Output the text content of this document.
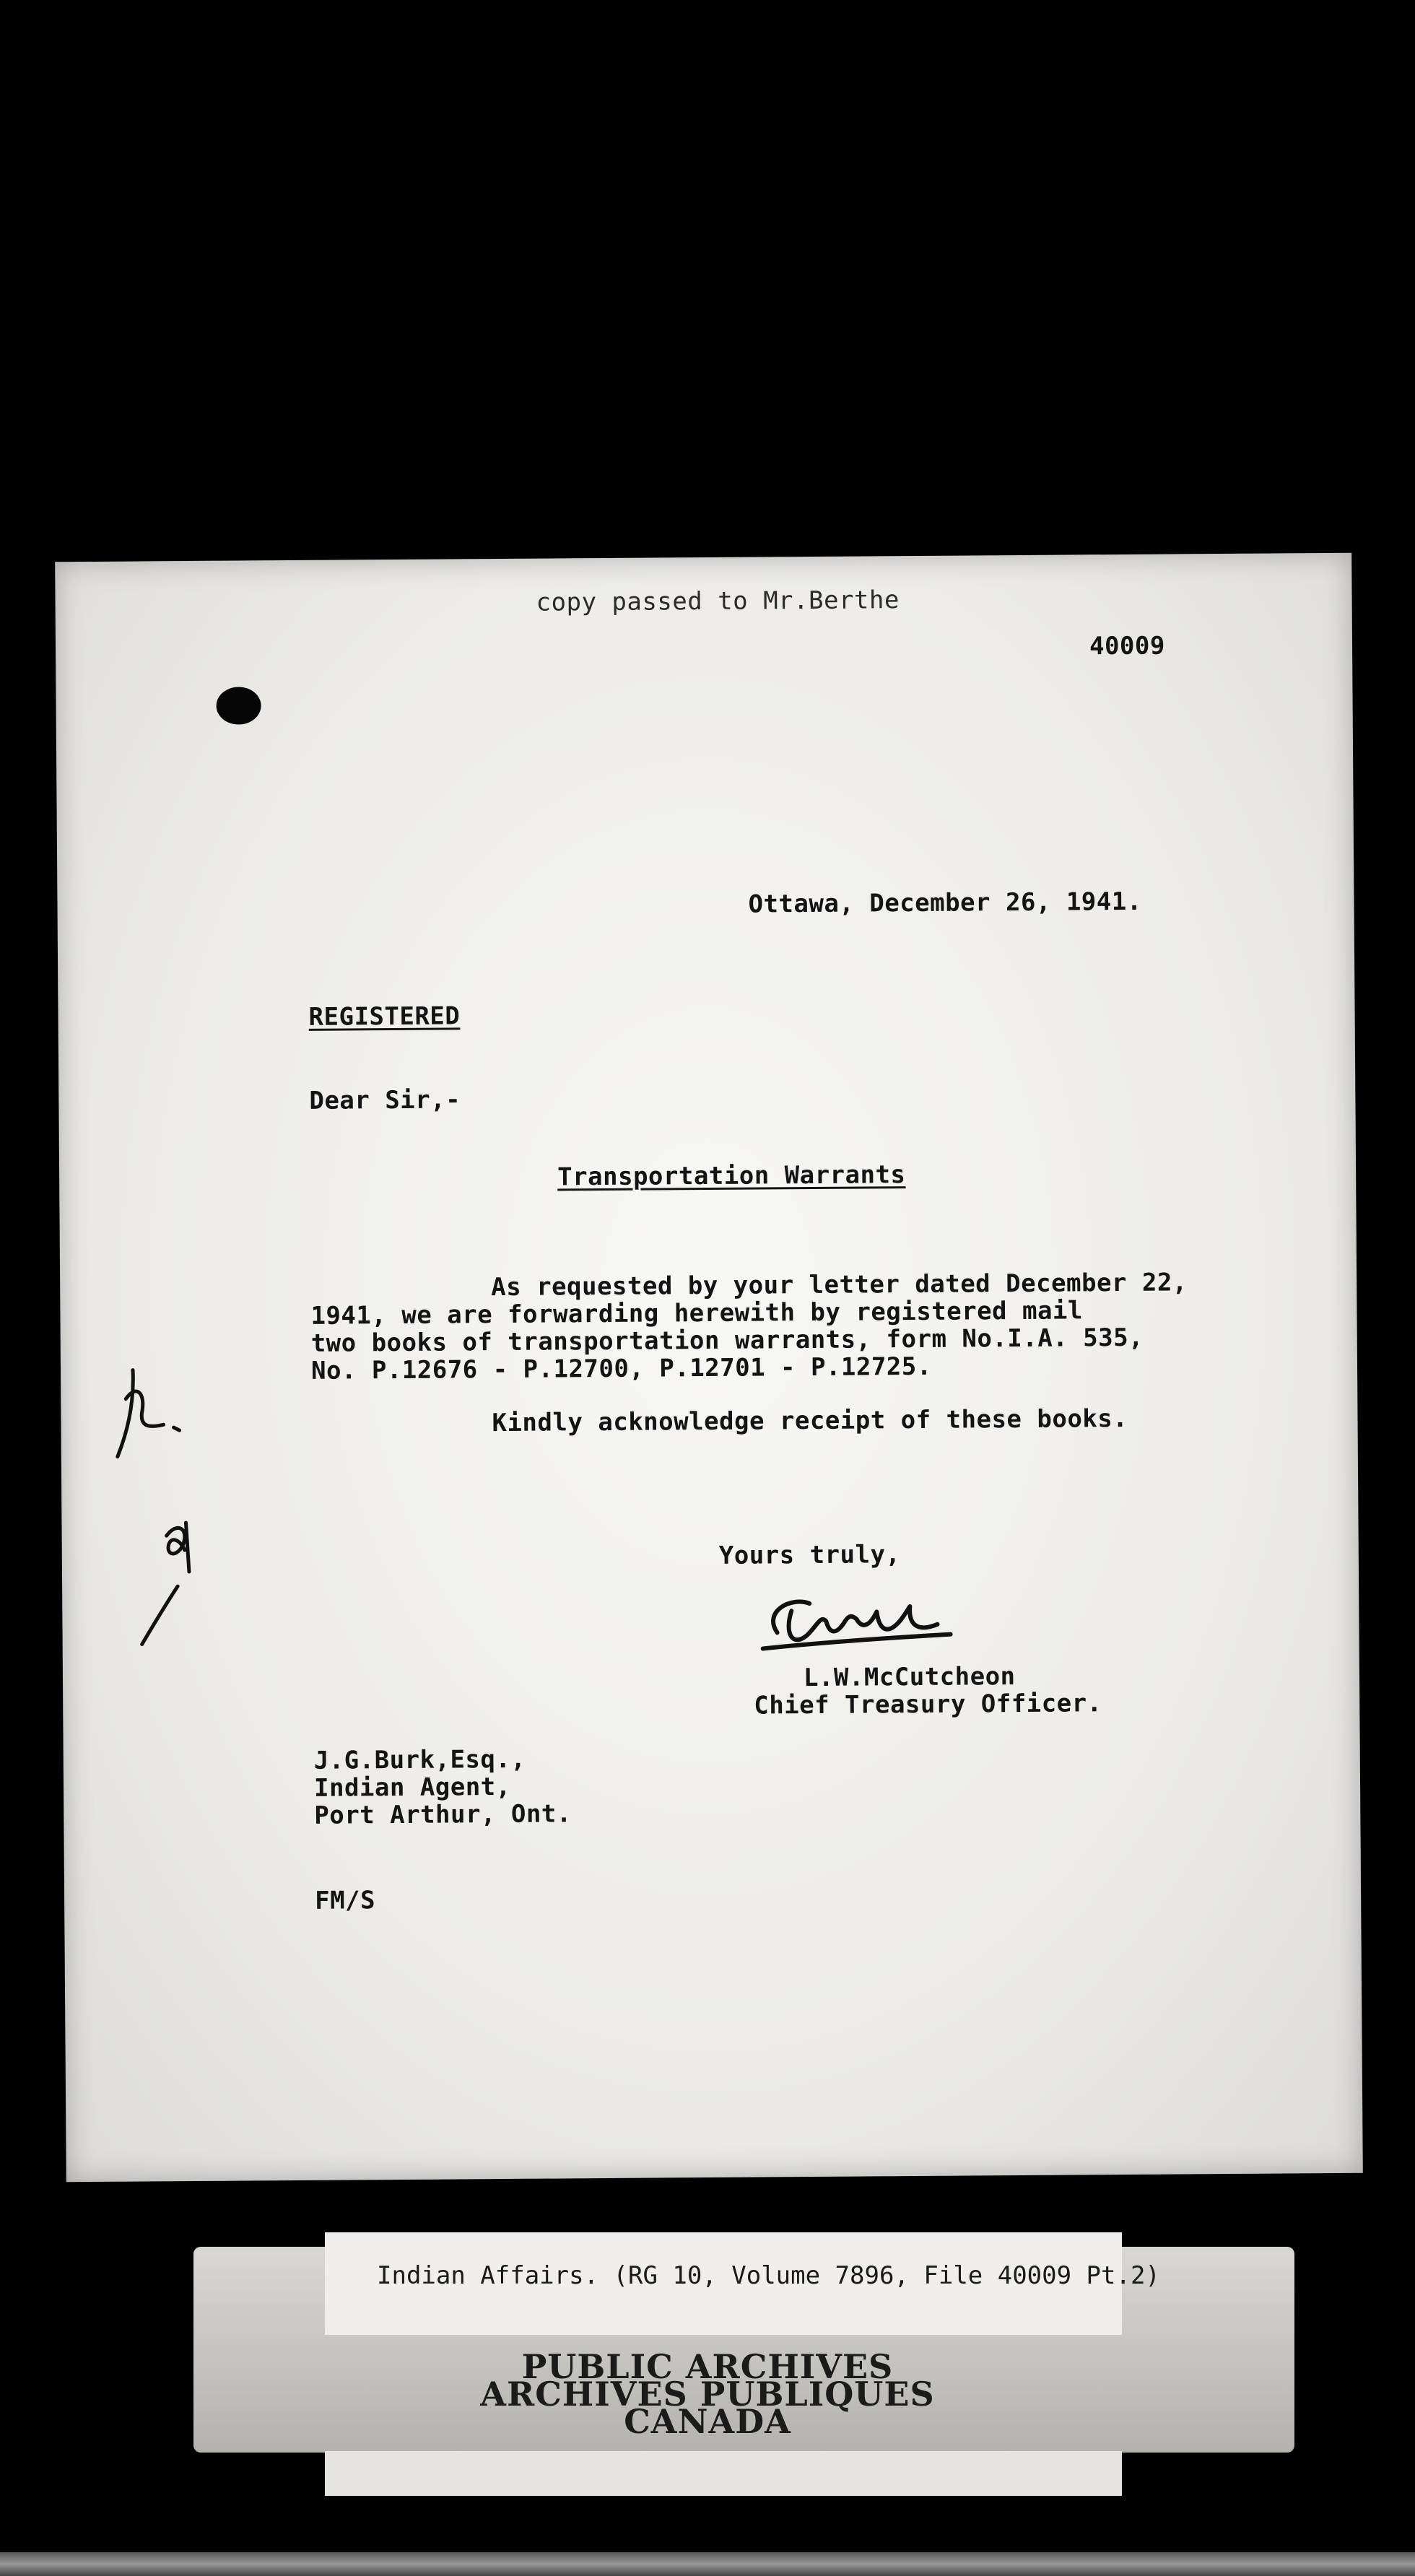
copy passed to Mr.Berthe
40009
Ottawa, December 26, 1941.
REGISTERED
Dear Sir,-
Transportation Warrants
As requested by your letter dated December 22,
1941, we are forwarding herewith by registered mail
two books of transportation warrants, form No.I.A. 535,
No. P.12676 - P.12700, P.12701 - P.12725.
Kindly acknowledge receipt of these books.
Yours truly,
L.W.McCutcheon
Chief Treasury Officer.
J.G.Burk,Esq.,
Indian Agent,
Port Arthur, Ont.
FM/S
Indian Affairs. (RG 10, Volume 7896, File 40009 Pt.2)
PUBLIC ARCHIVES
ARCHIVES PUBLIQUES
CANADA
